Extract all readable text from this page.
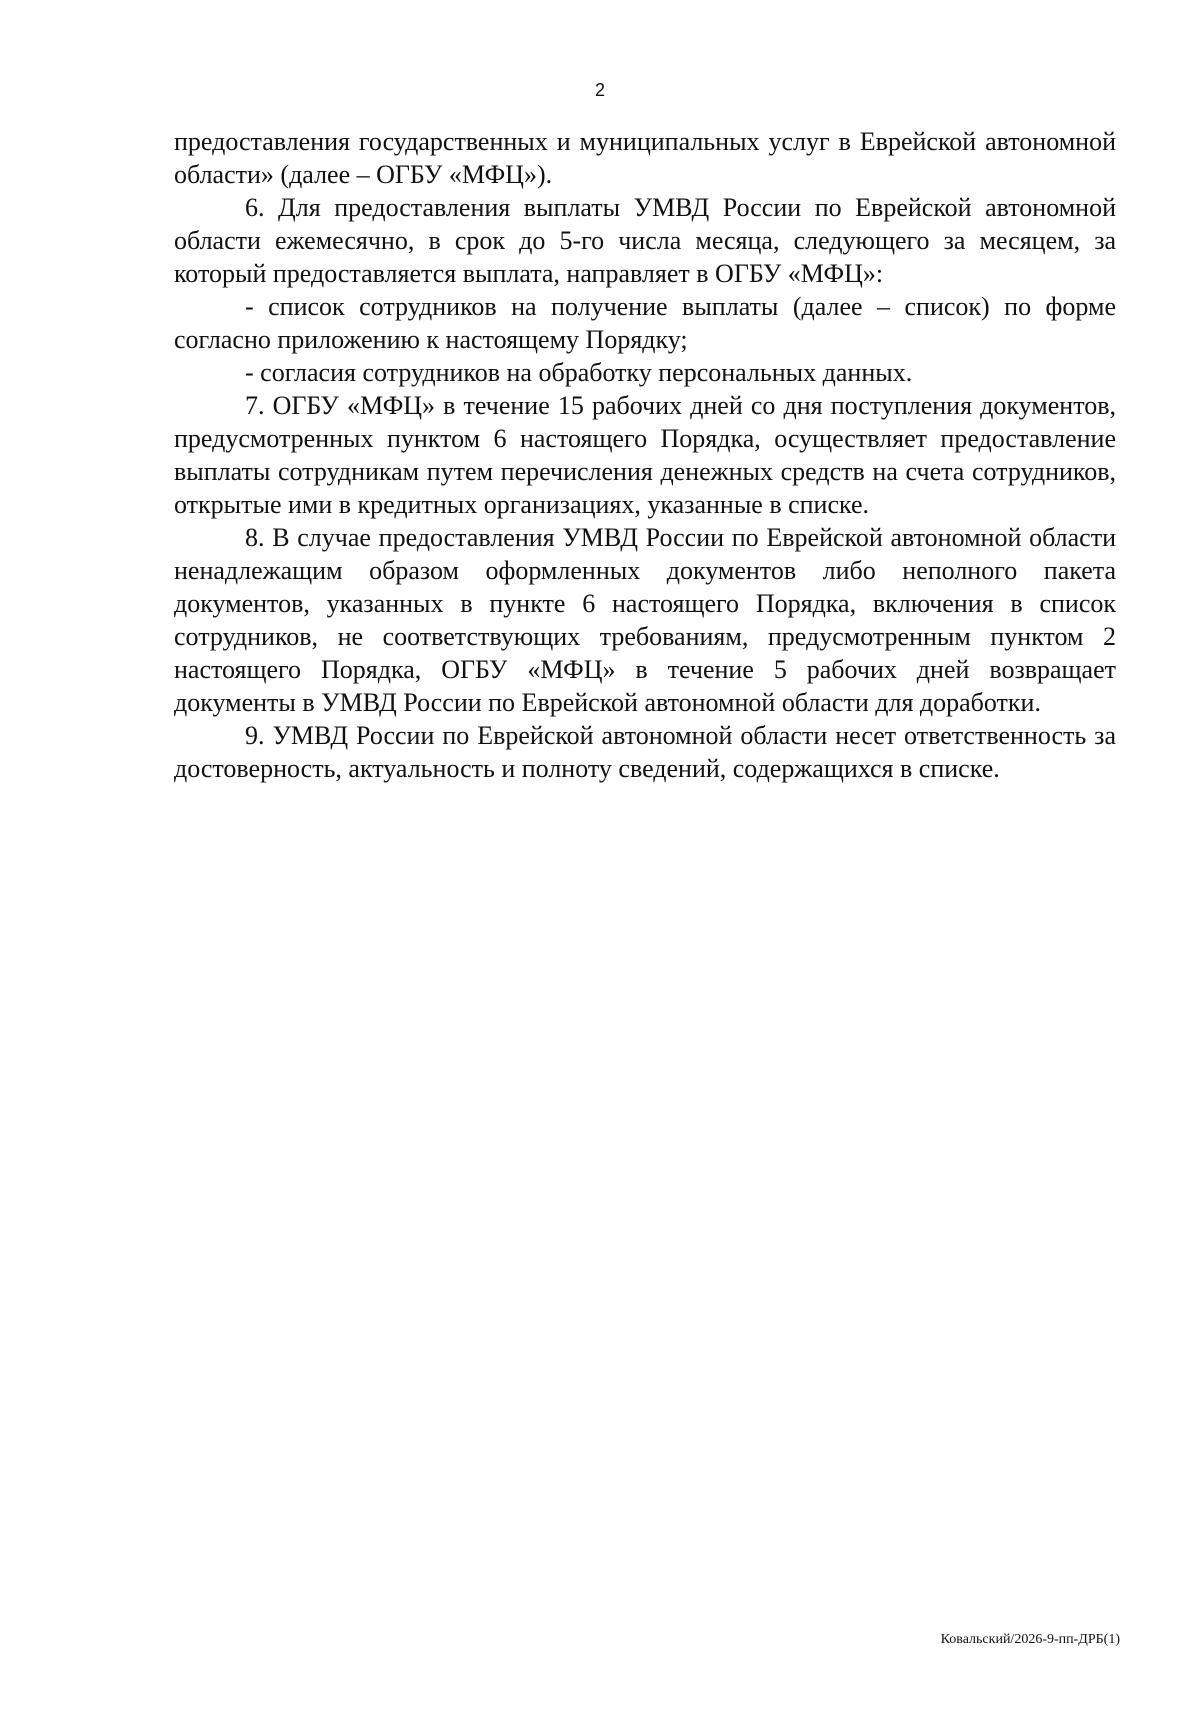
2

предоставления государственных и муниципальных услуг в Еврейской автономной области» (далее – ОГБУ «МФЦ»).

6. Для предоставления выплаты УМВД России по Еврейской автономной области ежемесячно, в срок до 5-го числа месяца, следующего за месяцем, за который предоставляется выплата, направляет в ОГБУ «МФЦ»:

- список сотрудников на получение выплаты (далее – список) по форме согласно приложению к настоящему Порядку;

- согласия сотрудников на обработку персональных данных.

7. ОГБУ «МФЦ» в течение 15 рабочих дней со дня поступления документов, предусмотренных пунктом 6 настоящего Порядка, осуществляет предоставление выплаты сотрудникам путем перечисления денежных средств на счета сотрудников, открытые ими в кредитных организациях, указанные в списке.

8. В случае предоставления УМВД России по Еврейской автономной области ненадлежащим образом оформленных документов либо неполного пакета документов, указанных в пункте 6 настоящего Порядка, включения в список сотрудников, не соответствующих требованиям, предусмотренным пунктом 2 настоящего Порядка, ОГБУ «МФЦ» в течение 5 рабочих дней возвращает документы в УМВД России по Еврейской автономной области для доработки.

9. УМВД России по Еврейской автономной области несет ответственность за достоверность, актуальность и полноту сведений, содержащихся в списке.

Ковальский/2026-9-пп-ДРБ(1)
